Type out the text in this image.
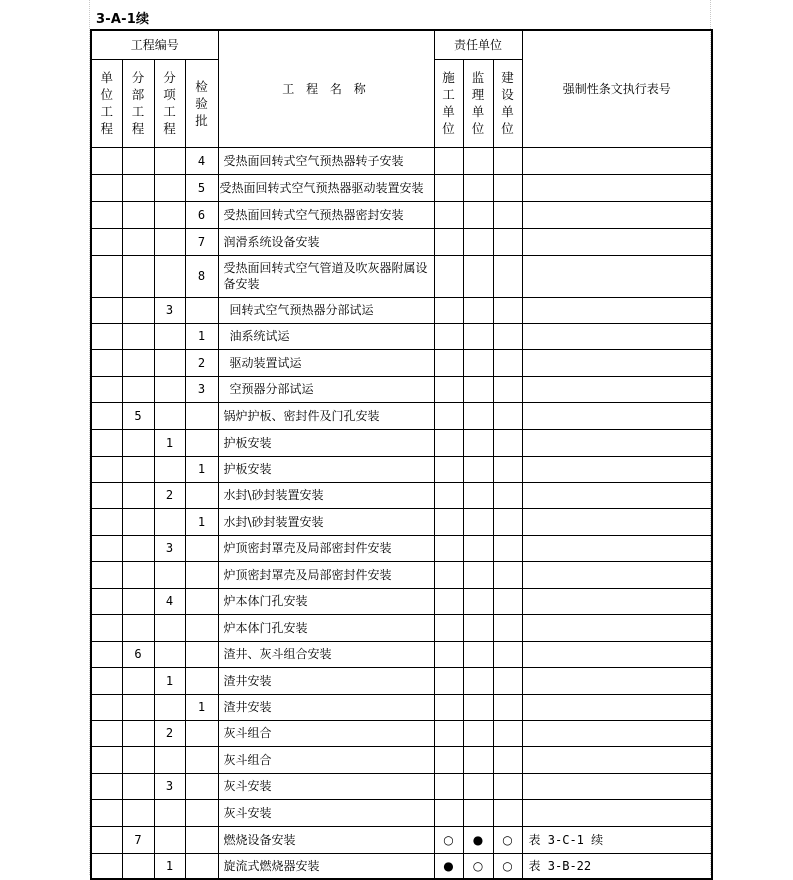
3-A-1续
工程编号				工 程 名 称	责任单位			强制性条文执行表号
单位工程	分部工程	分项工程	检验批		施工单位	监理单位	建设单位	
			4	受热面回转式空气预热器转子安装				
			5	受热面回转式空气预热器驱动装置安装				
			6	受热面回转式空气预热器密封安装				
			7	润滑系统设备安装				
			8	受热面回转式空气管道及吹灰器附属设备安装				
		3		回转式空气预热器分部试运				
			1	油系统试运				
			2	驱动装置试运				
			3	空预器分部试运				
	5			锅炉护板、密封件及门孔安装				
		1		护板安装				
			1	护板安装				
		2		水封\砂封装置安装				
			1	水封\砂封装置安装				
		3		炉顶密封罩壳及局部密封件安装				
				炉顶密封罩壳及局部密封件安装				
		4		炉本体门孔安装				
				炉本体门孔安装				
	6			渣井、灰斗组合安装				
		1		渣井安装				
			1	渣井安装				
		2		灰斗组合				
				灰斗组合				
		3		灰斗安装				
				灰斗安装				
	7			燃烧设备安装	○	●	○	表 3-C-1 续
		1		旋流式燃烧器安装	●	○	○	表 3-B-22
